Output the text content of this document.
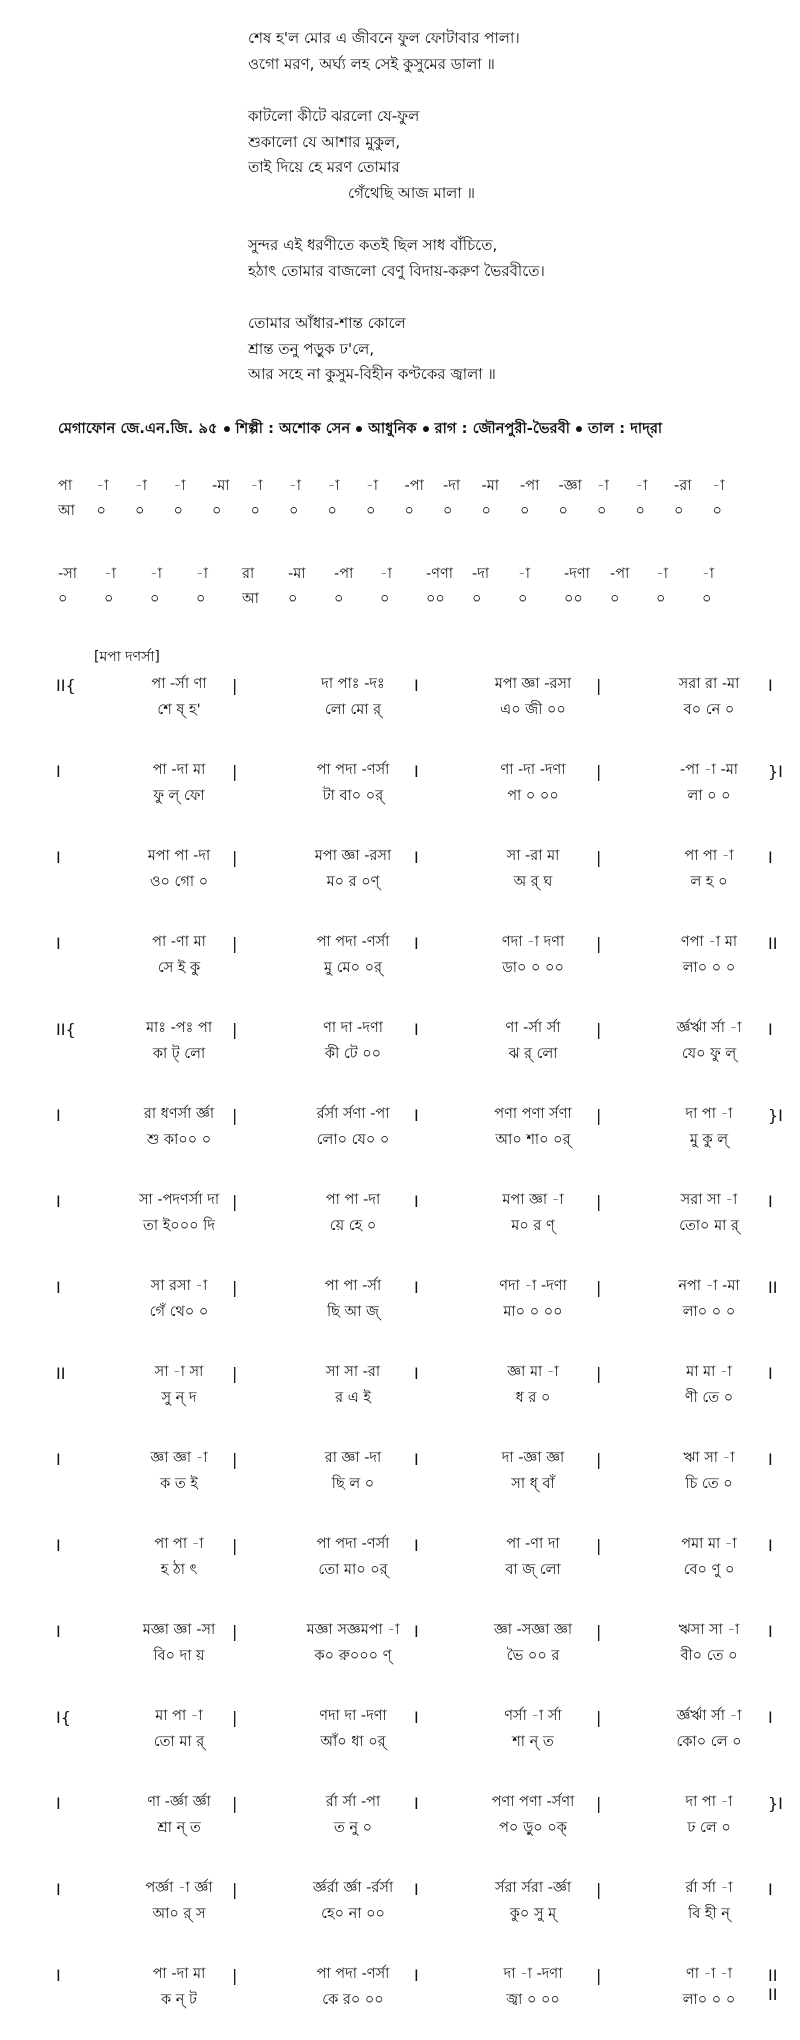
শেষ হ'ল মোর এ জীবনে ফুল ফোটাবার পালা।
ওগো মরণ, অর্ঘ্য লহ সেই কুসুমের ডালা ॥
কাটলো কীটে ঝরলো যে-ফুল
শুকালো যে আশার মুকুল,
তাই দিয়ে হে মরণ তোমার
গেঁথেছি আজ মালা ॥
সুন্দর এই ধরণীতে কতই ছিল সাধ বাঁচিতে,
হঠাৎ তোমার বাজলো বেণু বিদায়-করুণ ভৈরবীতে।
তোমার আঁধার-শান্ত কোলে
শ্রান্ত তনু পড়ুক ঢ'লে,
আর সহে না কুসুম-বিহীন কণ্টকের জ্বালা ॥
মেগাফোন জে.এন.জি. ৯৫ শিল্পী : অশোক সেন আধুনিক রাগ : জৌনপুরী-ভৈরবী তাল : দাদ্‌রা
পা -া -া -া -মা -া -া -া -া -পা -দা -মা -পা -জ্ঞা -া -া -রা -া
আ ০ ০ ০ ০ ০ ০ ০ ০ ০ ০ ০ ০ ০ ০ ০ ০ ০
-সা -া -া -া রা -মা -পা -া -ণণা -দা -া -দণা -পা -া -া
০	০	০	০	আ ০	০	০	০০ ০	০	০০ ০	০	০
[মপা দণর্সা]
II{	পা -র্সা ণা
শে ষ্‌ হ'
|	দা পাঃ -দঃ
লো মো র্‌
I	মপা জ্ঞা -রসা
এ০ জী ০০
|	সরা রা -মা
ব০ নে ০
I
I	পা -দা মা
ফু ল্‌ ফো
|	পা পদা -ণর্সা
টা বা০ ০র্‌
I	ণা -দা -দণা
পা ০ ০০
|	-পা -া -মা
লা ০ ০
}I
I	মপা পা -দা
ও০ গো ০
|	মপা জ্ঞা -রসা
ম০ র ০ণ্‌
I	সা -রা মা
অ র্‌ ঘ
|	পা পা -া
ল হ ০
I
I	পা -ণা মা
সে ই কু
|	পা পদা -ণর্সা
মু মে০ ০র্‌
I	ণদা -া দণা
ডা০ ০ ০০
|	ণপা -া মা
লা০ ০ ০
II
II{	মাঃ -পঃ পা
কা ট্‌ লো
|	ণা দা -দণা
কী টে ০০
I	ণা -র্সা র্সা
ঝ র্‌ লো
|	র্জ্ঞর্ঋা র্সা -া
যে০ ফু ল্‌
I
I	রা ধণর্সা র্জ্ঞা
শু কা০০ ০
|	র্রর্সা র্সণা -পা
লো০ যে০ ০
I	পণা পণা র্সণা
আ০ শা০ ০র্‌
|	দা পা -া
মু কু ল্‌
}I
I	সা -পদণর্সা দা
তা ই০০০ দি
|	পা পা -দা
য়ে হে ০
I	মপা জ্ঞা -া
ম০ র ণ্‌
|	সরা সা -া
তো০ মা র্‌
I
I	সা রসা -া
গেঁ থে০ ০
|	পা পা -র্সা
ছি আ জ্‌
I	ণদা -া -দণা
মা০ ০ ০০
|	নপা -া -মা
লা০ ০ ০
II
II	সা -া সা
সু ন্‌ দ
|	সা সা -রা
র এ ই
I	জ্ঞা মা -া
ধ র ০
|	মা মা -া
ণী তে ০
I
I	জ্ঞা জ্ঞা -া
ক ত ই
|	রা জ্ঞা -দা
ছি ল ০
I	দা -জ্ঞা জ্ঞা
সা ধ্‌ বাঁ
|	ঋা সা -া
চি তে ০
I
I	পা পা -া
হ ঠা ৎ
|	পা পদা -ণর্সা
তো মা০ ০র্‌
I	পা -ণা দা
বা জ্‌ লো
|	পমা মা -া
বে০ ণু ০
I
I	মজ্ঞা জ্ঞা -সা
বি০ দা য়
|	মজ্ঞা সজ্ঞমপা -া
ক০ রু০০০ ণ্‌
I	জ্ঞা -সজ্ঞা জ্ঞা
ভৈ ০০ র
|	ঋসা সা -া
বী০ তে ০
I
I{	মা পা -া
তো মা র্‌
|	ণদা দা -দণা
আঁ০ ধা ০র্‌
I	ণর্সা -া র্সা
শা ন্‌ ত
|	র্জ্ঞর্ঋা র্সা -া
কো০ লে ০
I
I	ণা -র্জ্ঞা র্জ্ঞা
শ্রা ন্‌ ত
|	র্রা র্সা -পা
ত নু ০
I	পণা পণা -র্সণা
প০ ড়ু০ ০ক্‌
|	দা পা -া
ঢ লে ০
}I
I	পর্জ্ঞা -া র্জ্ঞা
আ০ র্‌ স
|	র্জ্ঞর্রা র্জ্ঞা -র্রর্সা
হে০ না ০০
I	র্সরা র্সরা -র্জ্ঞা
কু০ সু ম্‌
|	র্রা র্সা -া
বি হী ন্‌
I
I	পা -দা মা
ক ন্‌ ট
|	পা পদা -ণর্সা
কে র০ ০০
I	দা -া -দণা
জ্বা ০ ০০
|	ণা -া -া
লা০ ০ ০
II II
